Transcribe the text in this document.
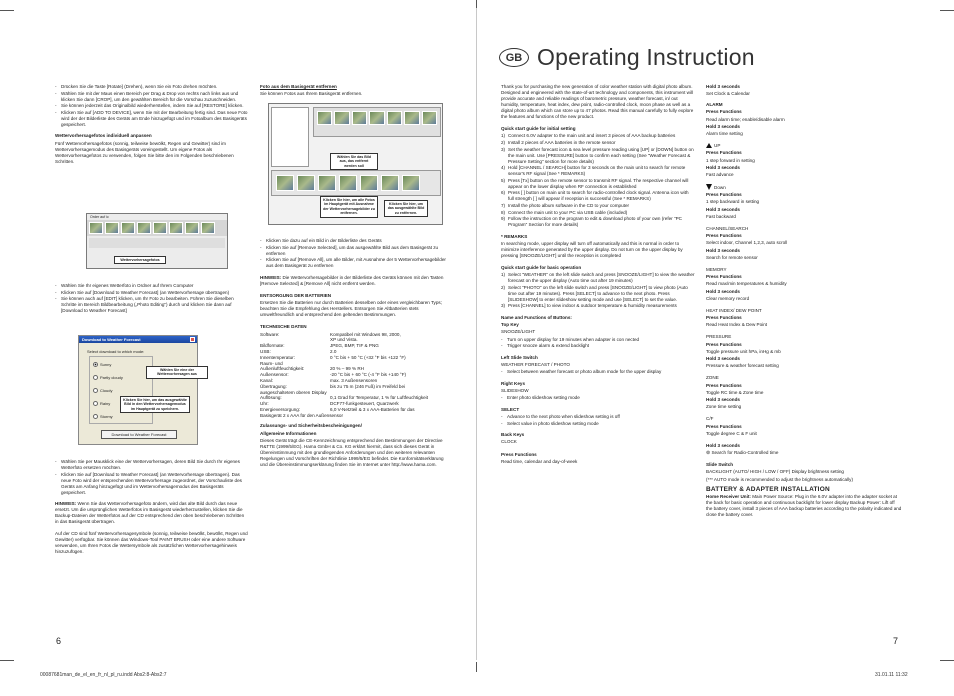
- Drücken Sie die Taste [Rotate] (Drehen), wenn Sie ein Foto drehen möchten.
- Wählen Sie mit der Maus einen Bereich per Drag & Drop von rechts nach links aus und klicken Sie dann [CROP], um den gewählten Bereich für die Vorschau zuzuschneiden.
- Sie können jederzeit das Originalbild wiederherstellen, indem Sie auf [RESTORE] klicken.
- Klicken Sie auf [ADD TO DEVICE], wenn Sie mit der Bearbeitung fertig sind. Das neue Foto wird der der Bilderliste des Geräts am Ende hinzugefügt und im Fotoalbum des Basisgeräts gespeichert.

Wettervorhersagefotos individuell anpassen

Fünf Wettervorhersagefotos (sonnig, teilweise bewölkt, Regen und Gewitter) sind im Wettervorhersagemodus des Basisgeräts voreingestellt. Um eigene Fotos als Wettervorhersagefotos zu verwenden, folgen Sie bitte den im Folgenden beschriebenen Schritten.

Order auf ic
Wettervorhersagefotos
- Wählen Sie Ihr eigenes Wetterfoto in Ordner auf Ihrem Computer
- Klicken Sie auf [Download to Weather Forecast] (an Wettervorhersage übertragen)
- Sie können auch auf [EDIT] klicken, um Ihr Foto zu bearbeiten. Führen Sie dieselben Schritte im Bereich Bildbearbeitung („Photo Editing“) durch und klicken Sie dann auf [Download to Weather Forecast]
Download to Weather Forecast
Select download to which mode:
Sunny
Partly cloudy
Cloudy
Rainy
Stormy
Download to Weather Forecast
Wählen Sie eine der Wettervorhersagen aus
Klicken Sie hier, um das ausgewählte Bild in den Wettervorhersagemodus im Hauptgerät zu speichern.
- Wählen Sie per Mausklick eine der Wettervorhersagen, deren Bild Sie durch Ihr eigenes Wetterfoto ersetzen möchten.
- Klicken Sie auf [Download to Weather Forecast] (an Wettervorhersage übertragen). Das neue Foto wird der entsprechenden Wettervorhersage zugeordnet, der Vorschauliste des Geräts am Anfang hinzugefügt und im Wettervorhersagemodus des Basisgeräts gespeichert.

HINWEIS: Wenn Sie das Wettervorhersagefoto ändern, wird das alte Bild durch das neue ersetzt. Um die ursprünglichen Wetterfotos im Basisgerät wiederherzustellen, klicken Sie die Backup-Dateien der Wetterfotos auf der CD entsprechend den oben beschriebenen Schritten in das Basisgerät übertragen.

Auf der CD sind fünf Wettervorhersagesymbole (sonnig, teilweise bewölkt, bewölkt, Regen und Gewitter) verfügbar. Sie können das Windows-Tool PAINT BRUSH oder eine andere Software verwenden, um Ihren Fotos die Wettersymbole als zusätzlichen Wettervorhersagehinweis hinzuzufügen.

Foto aus dem Basisgerät entfernen

Sie können Fotos aus Ihrem Basisgerät entfernen.

Wählen Sie das Bild aus, das entfernt werden soll
Klicken Sie hier, um alle Fotos im Hauptgerät mit Ausnahme der Wettervorhersagebilder zu entfernen.
Klicken Sie hier, um das ausgewählte Bild zu entfernen.
- Klicken Sie dazu auf ein Bild in der Bilderliste des Geräts
- Klicken Sie auf [Remove Selected], um das ausgewählte Bild aus dem Basisgerät zu entfernen
- Klicken Sie auf [Remove All], um alle Bilder, mit Ausnahme der 5 Wettervorhersagebilder aus dem Basisgerät zu entfernen

HINWEIS: Die Wettervorhersagebilder in der Bilderliste des Geräts können mit den Tasten [Remove Selected] & [Remove All] nicht entfernt werden.

ENTSORGUNG DER BATTERIEN

Ersetzen Sie die Batterien nur durch Batterien desselben oder eines vergleichbaren Typs; beachten Sie die Empfehlung des Herstellers. Entsorgen Sie Altbatterien stets umweltfreundlich und entsprechend den geltenden Bestimmungen.

TECHNISCHE DATEN

Software:	Kompatibel mit Windows 98, 2000,
	XP und Vista.
Bildformate:	JPEG, BMP, TIF & PNG
USB:	2.0
Innentemperatur:	0 °C bis + 50 °C (+32 °F bis +122 °F)
Raum- und	
Außenluftfeuchtigkeit:	20 % – 99 % RH
Außensensor:	-20 °C bis + 60 °C (-4 °F bis +140 °F)
Kanal:	max. 3 Außensensoren
Übertragung:	bis zu 75 m (246 Fuß) im Freifeld bei
ausgeschaltetem oberen Display	
Auflösung:	0,1 Grad für Temperatur, 1 % für Luftfeuchtigkeit
Uhr:	DCF77-funkgesteuert, Quarzwerk

Energieversorgung:	6,0 V-Netzteil & 3 x AAA-Batterien für das
Basisgerät 2 x AAA für den Außensensor	

Zulassungs- und Sicherheitsbescheinigungen/

Allgemeine Informationen

Dieses Gerät trägt die CE-Kennzeichnung entsprechend den Bestimmungen der Directive R&TTE (1999/5/EG). Hama GmbH & Co. KG erklärt hiermit, dass sich dieses Gerät in Übereinstimmung mit den grundlegenden Anforderungen und den weiteren relevanten Regelungen und Vorschriften der Richtlinie 1999/5/EG befindet. Die Konformitätserklärung und die Übereinstimmungserklärung finden Sie im Internet unter http://www.hama.com.

GB Operating Instruction

Thank you for purchasing the new generation of color weather station with digital photo album. Designed and engineered with the state-of-art technology and components, this instrument will provide accurate and reliable readings of barometric pressure, weather forecast, in/ out humidity, temperature, heat index, dew point, radio-controlled clock, moon phase as well as a digital photo album which can store up to 47 photos. Read this manual carefully to fully explore the features and functions of the new product.

Quick start guide for initial setting

1) Connect 6.0V adapter to the main unit and insert 3 pieces of AAA backup batteries
2) Install 2 pieces of AAA batteries in the remote sensor
3) Set the weather forecast icon & sea level pressure reading using [UP] or [DOWN] button on the main unit. Use [PRESSURE] button to confirm each setting (See "Weather Forecast & Pressure Setting" section for more details)
4) Hold [CHANNEL / SEARCH] button for 3 seconds on the main unit to search for remote sensor's RF signal (See * REMARKS)
5) Press [Tx] button on the remote sensor to transmit RF signal. The respective channel will appear on the lower display when RF connection is established
6) Press [ ] button on main unit to search for radio-controlled clock signal. Antenna icon with full strength [ ] will appear if reception is successful (See * REMARKS)
7) Install the photo album software in the CD to your computer
8) Connect the main unit to your PC via USB cable (included)
9) Follow the instruction on the program to edit & download photo of your own (refer "PC Program" Section for more details)

* REMARKS

In searching mode, upper display will turn off automatically and this is normal in order to minimize interference generated by the upper display. Do not turn on the upper display by pressing [SNOOZE/LIGHT] until the reception is completed

Quick start guide for basic operation

1) Select "WEATHER" on the left slide switch and press [SNOOZE/LIGHT] to view the weather forecast on the upper display (Auto time out after 19 minutes)
2) Select "PHOTO" on the left slide switch and press [SNOOZE/LIGHT] to view photo (Auto time out after 19 minutes). Press [SELECT] to advance to the next photo. Press [SLIDESHOW] to enter slideshow setting mode and use [SELECT] to set the value.
3) Press [CHANNEL] to view indoor & outdoor temperature & humidity measurements

Name and Functions of Buttons:

Top Key

SNOOZE/LIGHT

- Turn on upper display for 19 minutes when adapter is con nected
- Trigger snooze alarm & extend backlight

Left Slide Switch

WEATHER FORECAST / PHOTO

- Select between weather forecast or photo album mode for the upper display

Right Keys

SLIDESHOW

- Enter photo slideshow setting mode

SELECT

- Advance to the next photo when slideshow setting is off
- Select value in photo slideshow setting mode

Back Keys

CLOCK

Press Functions

Read time, calendar and day-of-week

Hold 3 seconds

Set Clock & Calendar

ALARM

Press Functions

Read alarm time; enable/disable alarm

Hold 3 seconds

Alarm time setting

UP

Press Functions

1 step forward in setting

Hold 3 seconds

Fast advance

Down

Press Functions

1 step backward in setting

Hold 3 seconds

Fast backward

CHANNEL/SEARCH

Press Functions

Select indoor, Channel 1,2,3, auto scroll

Hold 3 seconds

Search for remote sensor

MEMORY

Press Functions

Read max/min temperatures & humidity

Hold 3 seconds

Clear memory record

HEAT INDEX/ DEW POINT

Press Functions

Read Heat Index & Dew Point

PRESSURE

Press Functions

Toggle pressure unit hPa, inHg & mb

Hold 3 seconds

Pressure & weather forecast setting

ZONE

Press Functions

Toggle RC time & Zone time

Hold 3 seconds

Zone time setting

C/F

Press Functions

Toggle degree C & F unit

Hold 3 seconds

⊚ Search for Radio-Controlled time

Slide Switch

BACKLIGHT (AUTO/ HIGH / LOW / OFF) Display brightness setting

(*** AUTO mode is recommended to adjust the brightness automatically)

BATTERY & ADAPTER INSTALLATION

Home Receiver Unit: Main Power Source: Plug in the 6.0V adapter into the adapter socket at the back for basic operation and continuous backlight for lower display Backup Power: Lift off the battery cover, install 3 pieces of AAA backup batteries according to the polarity indicated and close the battery cover.

6	7
00087681man_de_el_en_fr_nl_pl_ru.indd Abs2:8-Abs2:7	31.01.11 11:32
